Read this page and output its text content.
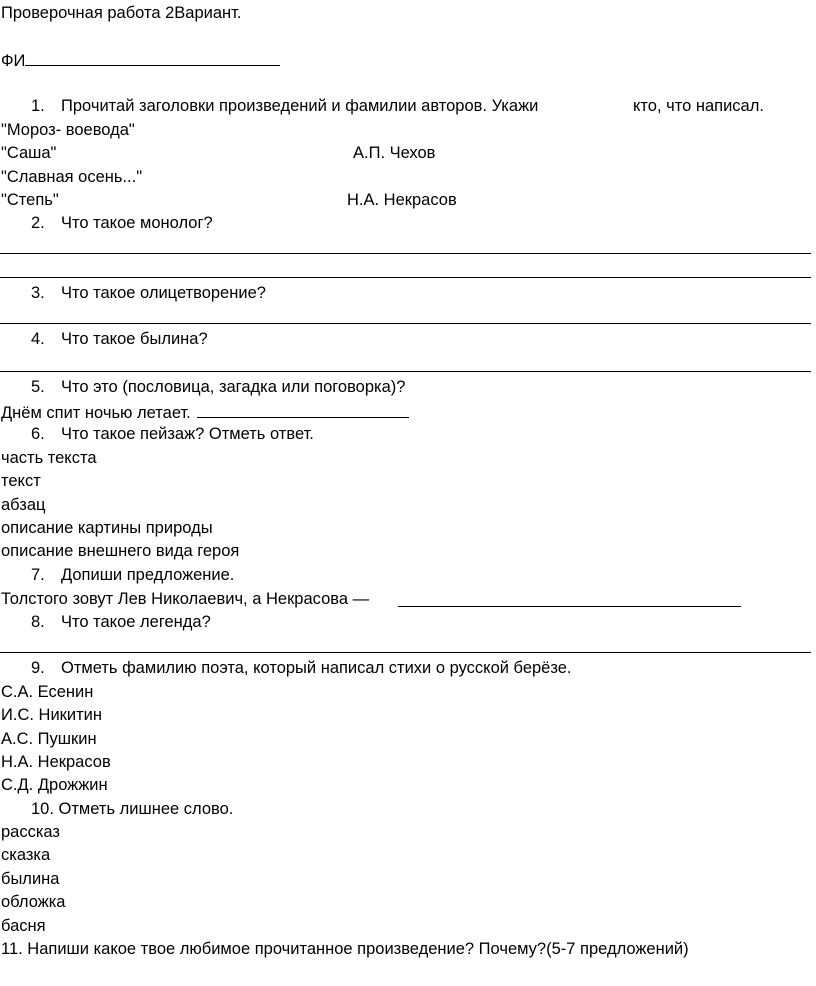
Проверочная работа 2Вариант.
ФИ
1. Прочитай заголовки произведений и фамилии авторов. Укажи	кто, что написал.
"Мороз- воевода"
"Саша"	А.П. Чехов
"Славная осень..."
"Степь"	Н.А. Некрасов
2. Что такое монолог?
3. Что такое олицетворение?
4. Что такое былина?
5. Что это (пословица, загадка или поговорка)?
Днём спит ночью летает.
6. Что такое пейзаж? Отметь ответ.
часть текста
текст
абзац
описание картины природы
описание внешнего вида героя
7. Допиши предложение.
Толстого зовут Лев Николаевич, а Некрасова —
8. Что такое легенда?
9. Отметь фамилию поэта, который написал стихи о русской берёзе.
С.А. Есенин
И.С. Никитин
А.С. Пушкин
Н.А. Некрасов
С.Д. Дрожжин
10. Отметь лишнее слово.
рассказ
сказка
былина
обложка
басня
11. Напиши какое твое любимое прочитанное произведение? Почему?(5-7 предложений)
